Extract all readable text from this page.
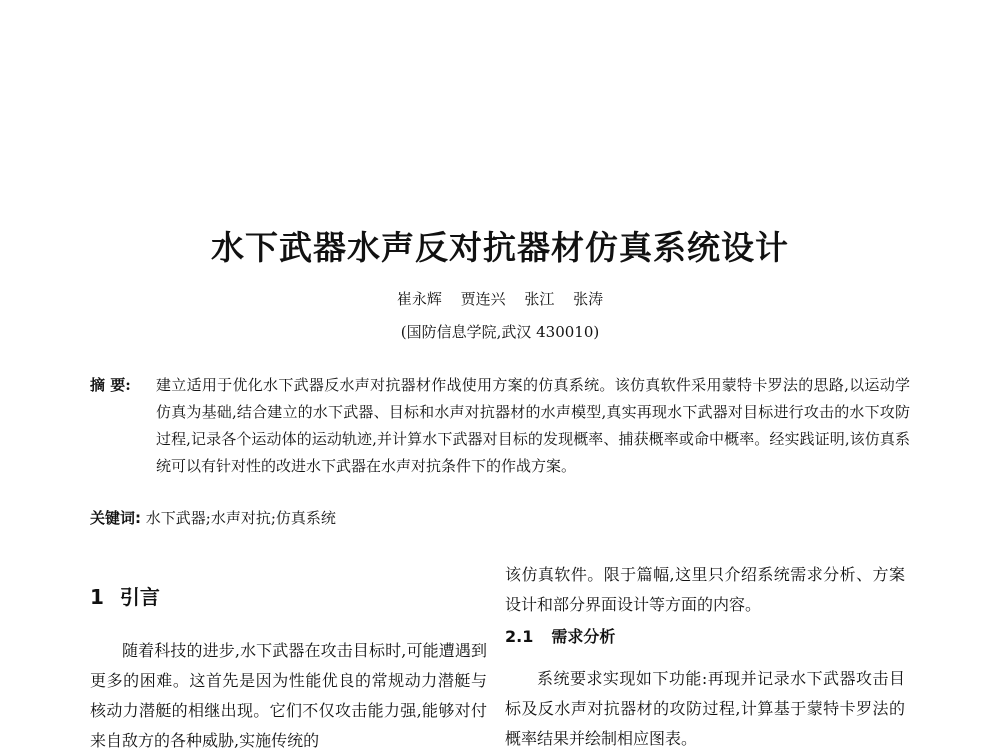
水下武器水声反对抗器材仿真系统设计
崔永辉 贾连兴 张江 张涛
(国防信息学院,武汉 430010)
摘 要: 建立适用于优化水下武器反水声对抗器材作战使用方案的仿真系统。该仿真软件采用蒙特卡罗法的思路,以运动学仿真为基础,结合建立的水下武器、目标和水声对抗器材的水声模型,真实再现水下武器对目标进行攻击的水下攻防过程,记录各个运动体的运动轨迹,并计算水下武器对目标的发现概率、捕获概率或命中概率。经实践证明,该仿真系统可以有针对性的改进水下武器在水声对抗条件下的作战方案。
关键词: 水下武器;水声对抗;仿真系统
1 引言
随着科技的进步,水下武器在攻击目标时,可能遭遇到更多的困难。这首先是因为性能优良的常规动力潜艇与核动力潜艇的相继出现。它们不仅攻击能力强,能够对付来自敌方的各种威胁,实施传统的
该仿真软件。限于篇幅,这里只介绍系统需求分析、方案设计和部分界面设计等方面的内容。
2.1 需求分析
系统要求实现如下功能:再现并记录水下武器攻击目标及反水声对抗器材的攻防过程,计算基于蒙特卡罗法的概率结果并绘制相应图表。
